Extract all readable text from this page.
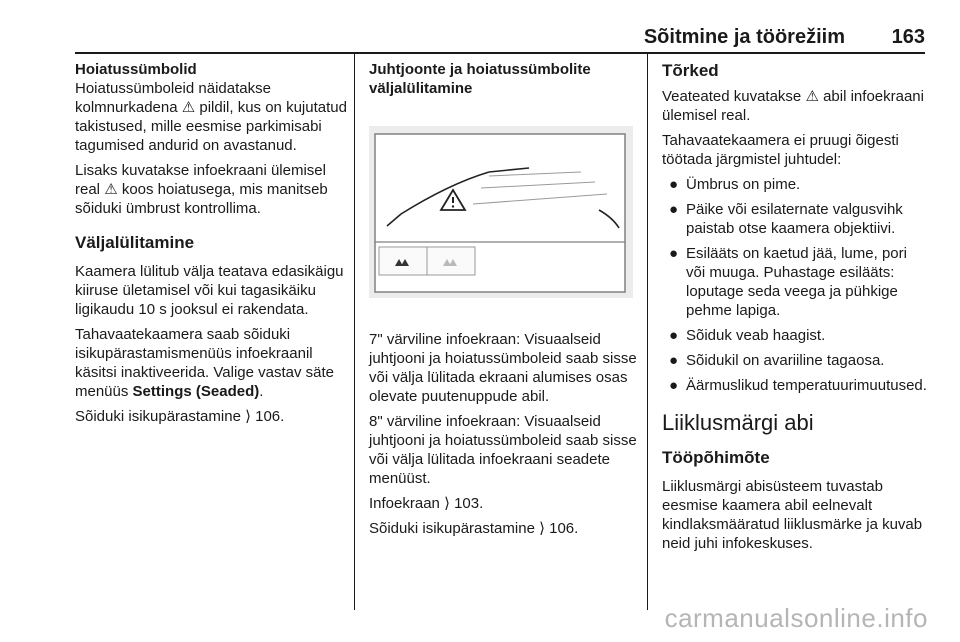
Sõitmine ja töörežiim 163
Hoiatussümbolid

Hoiatussümboleid näidatakse kolmnurkadena ⚠ pildil, kus on kujutatud takistused, mille eesmise parkimisabi tagumised andurid on avastanud.

Lisaks kuvatakse infoekraani ülemisel real ⚠ koos hoiatusega, mis manitseb sõiduki ümbrust kontrollima.

Väljalülitamine

Kaamera lülitub välja teatava edasikäigu kiiruse ületamisel või kui tagasikäiku ligikaudu 10 s jooksul ei rakendata.

Tahavaatekaamera saab sõiduki isikupärastamismenüüs infoekraanil käsitsi inaktiveerida. Valige vastav säte menüüs Settings (Seaded).

Sõiduki isikupärastamine ⟩ 106.

Juhtjoonte ja hoiatussümbolite väljalülitamine

7" värviline infoekraan: Visuaalseid juhtjooni ja hoiatussümboleid saab sisse või välja lülitada ekraani alumises osas olevate puutenuppude abil.

8" värviline infoekraan: Visuaalseid juhtjooni ja hoiatussümboleid saab sisse või välja lülitada infoekraani seadete menüüst.

Infoekraan ⟩ 103.

Sõiduki isikupärastamine ⟩ 106.

Tõrked

Veateated kuvatakse ⚠ abil infoekraani ülemisel real.

Tahavaatekaamera ei pruugi õigesti töötada järgmistel juhtudel:

● Ümbrus on pime.
● Päike või esilaternate valgusvihk paistab otse kaamera objektiivi.
● Esilääts on kaetud jää, lume, pori või muuga. Puhastage esilääts: loputage seda veega ja pühkige pehme lapiga.
● Sõiduk veab haagist.
● Sõidukil on avariiline tagaosa.
● Äärmuslikud temperatuurimuutused.
Liiklusmärgi abi
Tööpõhimõte

Liiklusmärgi abisüsteem tuvastab eesmise kaamera abil eelnevalt kindlaksmääratud liiklusmärke ja kuvab neid juhi infokeskuses.

carmanualsonline.info
